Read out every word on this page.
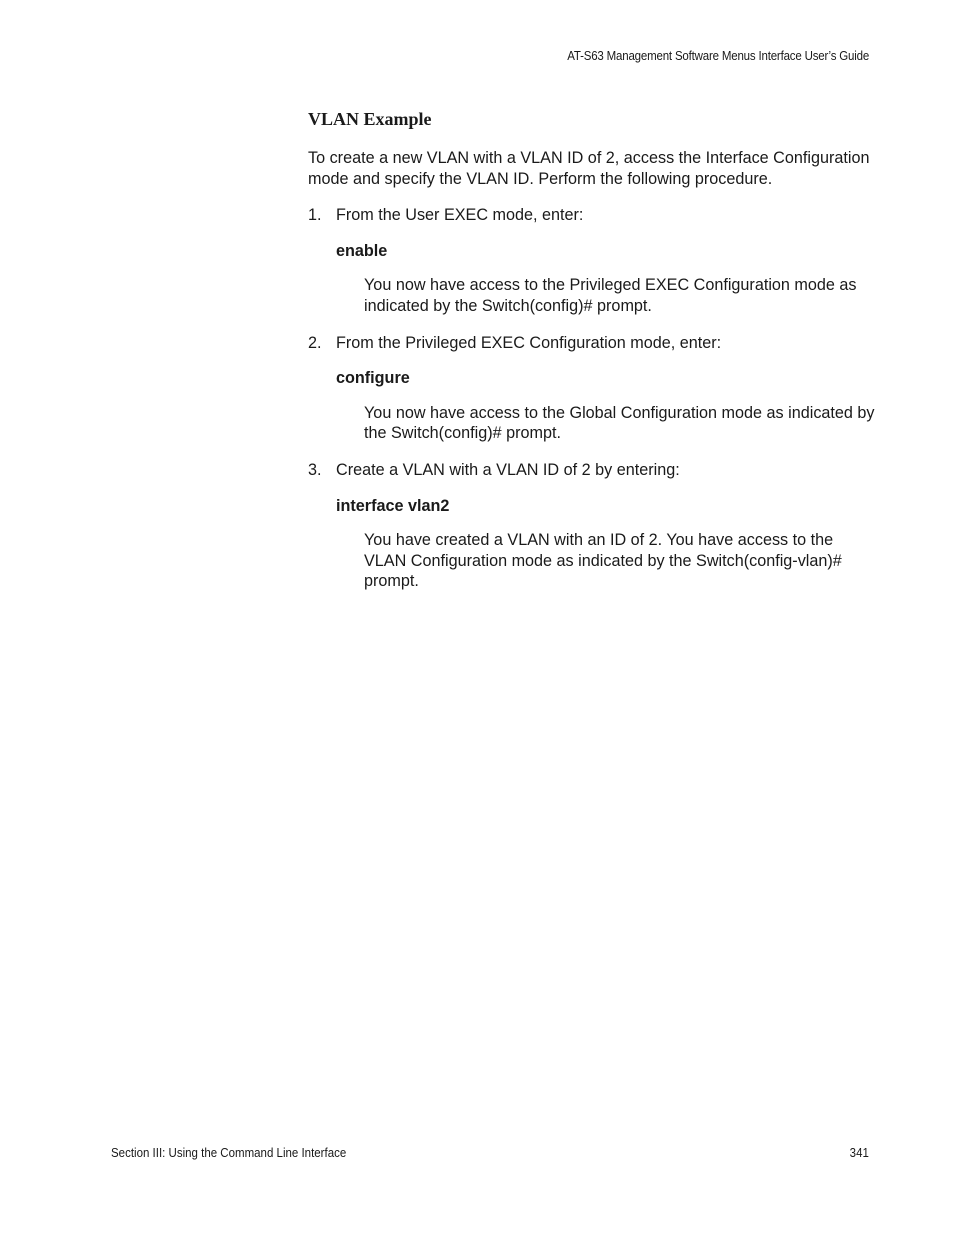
AT-S63 Management Software Menus Interface User’s Guide
VLAN Example

To create a new VLAN with a VLAN ID of 2, access the Interface Configuration mode and specify the VLAN ID. Perform the following procedure.

1. From the User EXEC mode, enter:
enable
You now have access to the Privileged EXEC Configuration mode as indicated by the Switch(config)# prompt.
2. From the Privileged EXEC Configuration mode, enter:
configure
You now have access to the Global Configuration mode as indicated by the Switch(config)# prompt.
3. Create a VLAN with a VLAN ID of 2 by entering:
interface vlan2
You have created a VLAN with an ID of 2. You have access to the VLAN Configuration mode as indicated by the Switch(config-vlan)# prompt.
Section III: Using the Command Line Interface	341
